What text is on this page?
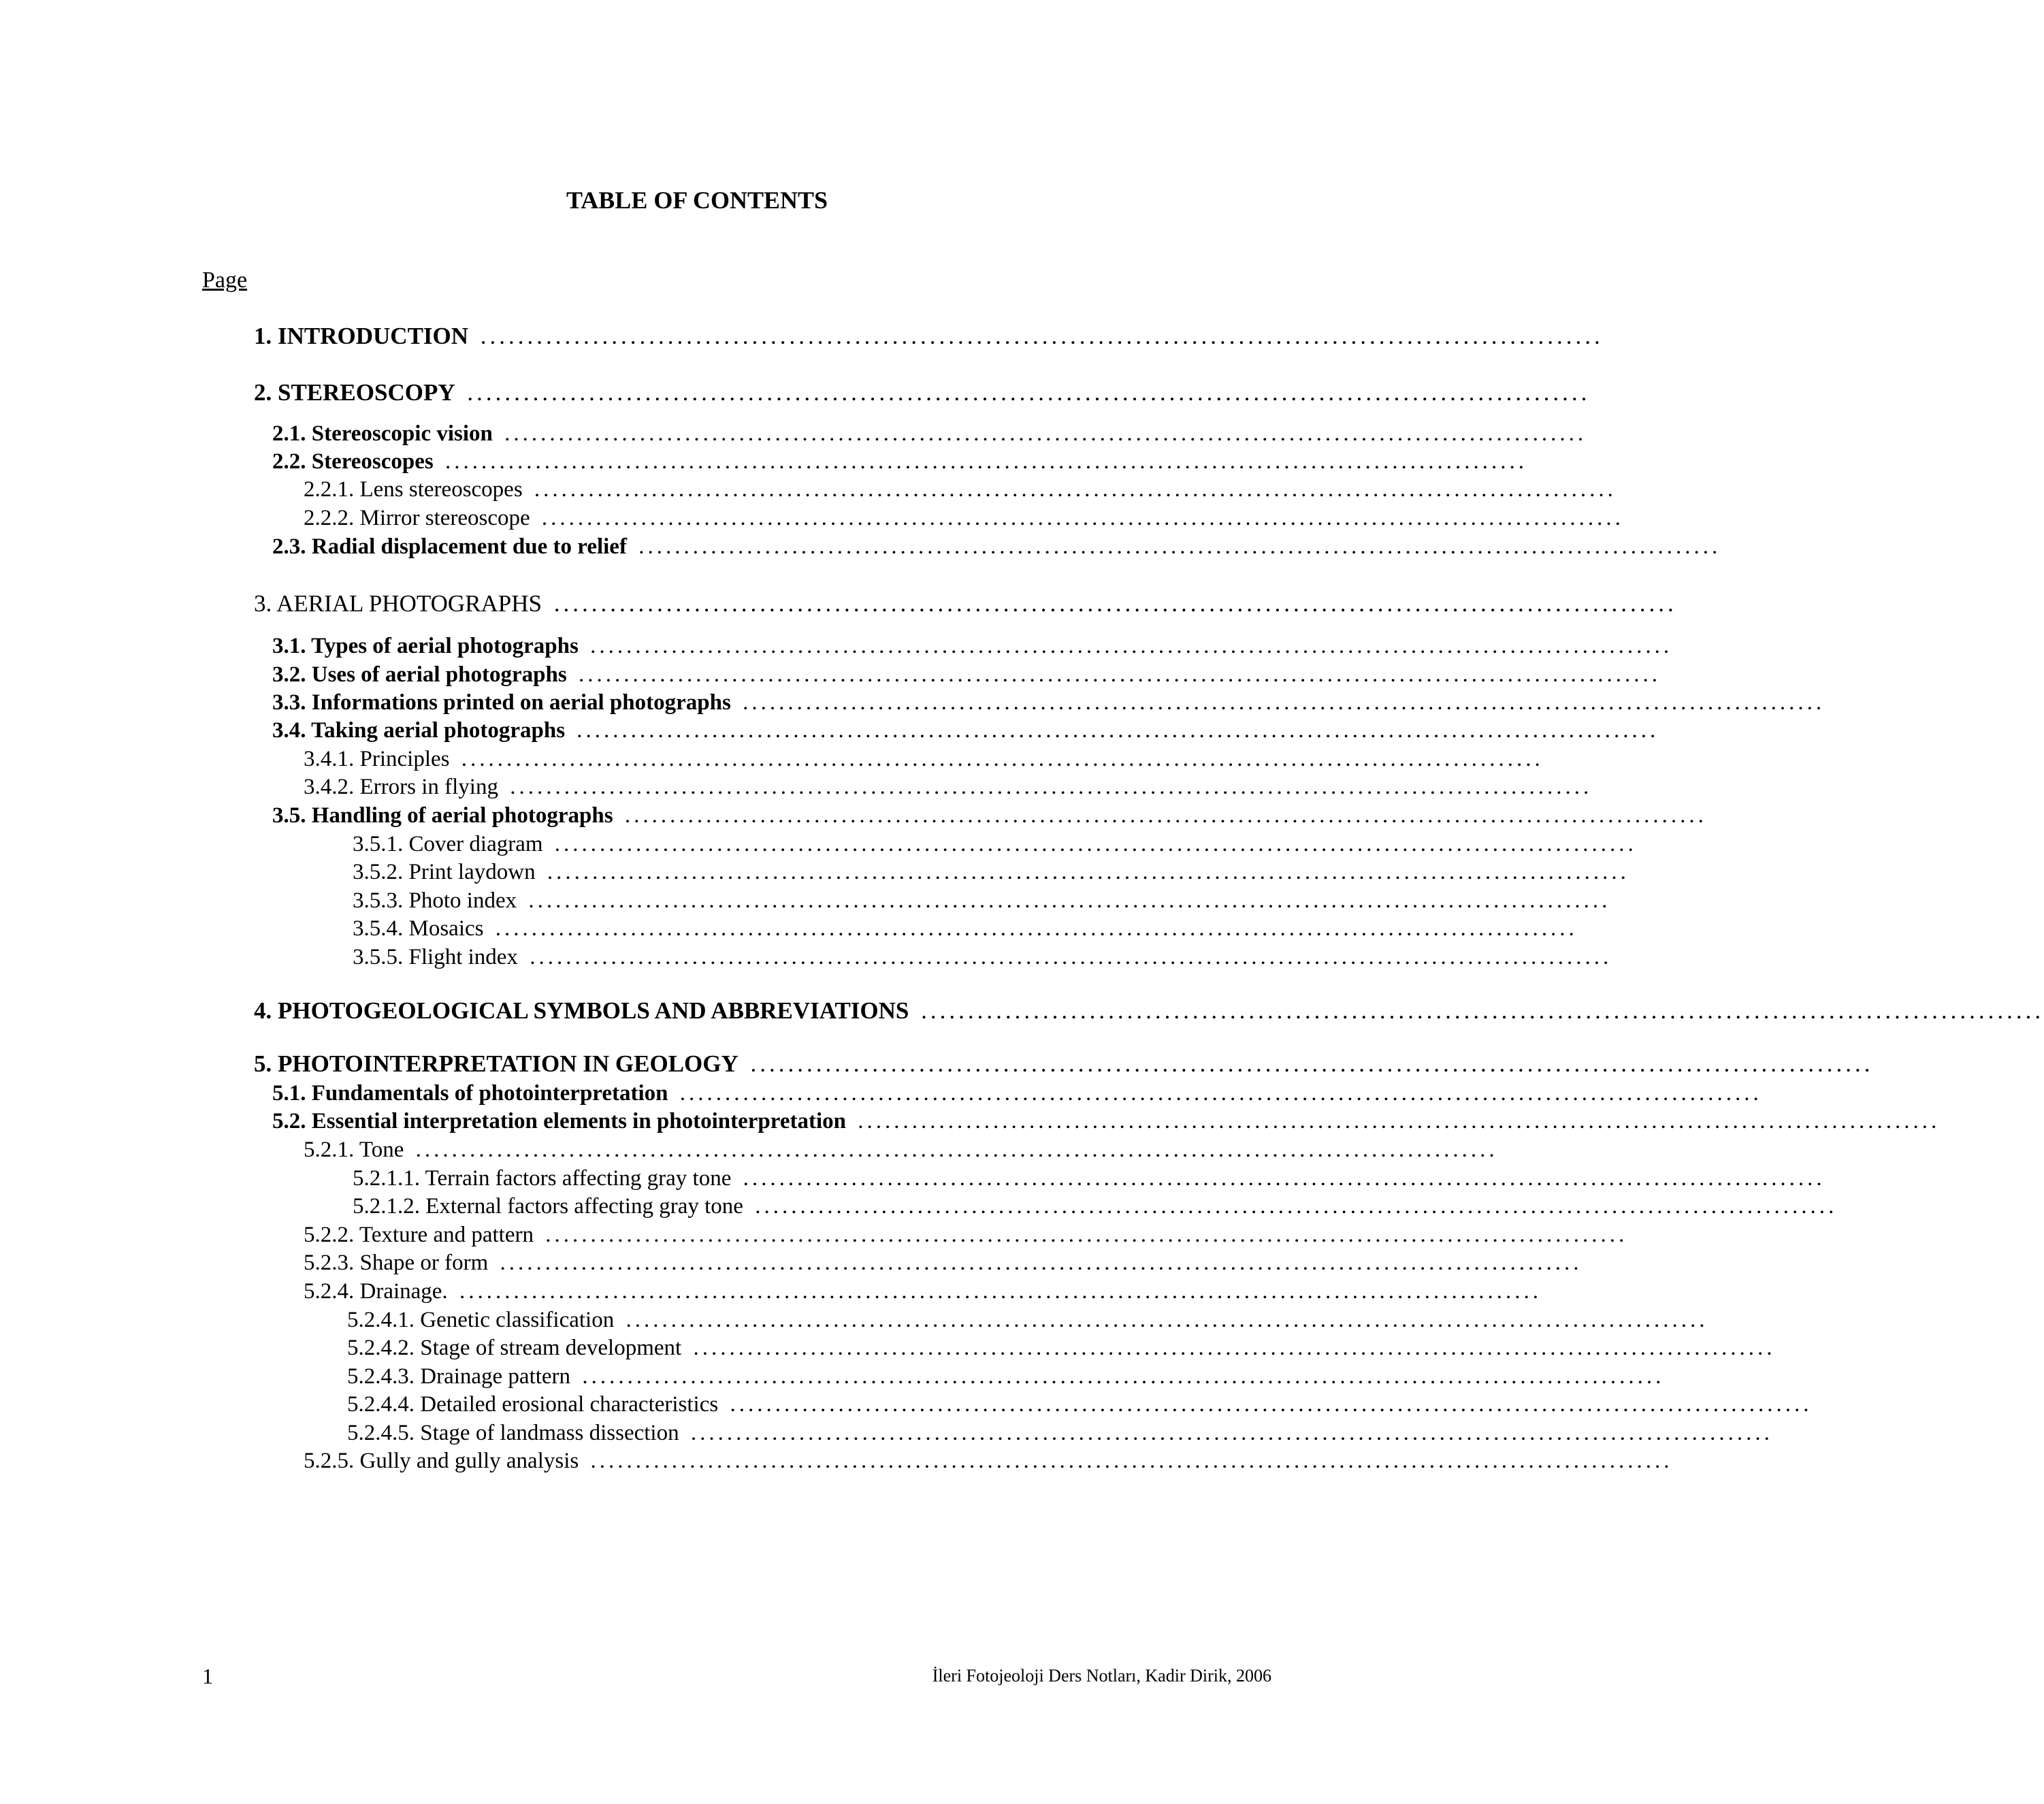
TABLE OF CONTENTS
Page
1. INTRODUCTION ........................................................................................................................
2. STEREOSCOPY ........................................................................................................................
2.1. Stereoscopic vision ........................................................................................................................
2.2. Stereoscopes ........................................................................................................................
2.2.1. Lens stereoscopes ........................................................................................................................
2.2.2. Mirror stereoscope ........................................................................................................................
2.3. Radial displacement due to relief ........................................................................................................................
3. AERIAL PHOTOGRAPHS ........................................................................................................................
3.1. Types of aerial photographs ........................................................................................................................
3.2. Uses of aerial photographs ........................................................................................................................
3.3. Informations printed on aerial photographs ........................................................................................................................
3.4. Taking aerial photographs ........................................................................................................................
3.4.1. Principles ........................................................................................................................
3.4.2. Errors in flying ........................................................................................................................
3.5. Handling of aerial photographs ........................................................................................................................
3.5.1. Cover diagram ........................................................................................................................
3.5.2. Print laydown ........................................................................................................................
3.5.3. Photo index ........................................................................................................................
3.5.4. Mosaics ........................................................................................................................
3.5.5. Flight index ........................................................................................................................
4. PHOTOGEOLOGICAL SYMBOLS AND ABBREVIATIONS ........................................................................................................................
5. PHOTOINTERPRETATION IN GEOLOGY ........................................................................................................................
5.1. Fundamentals of photointerpretation ........................................................................................................................
5.2. Essential interpretation elements in photointerpretation ........................................................................................................................
5.2.1. Tone ........................................................................................................................
5.2.1.1. Terrain factors affecting gray tone ........................................................................................................................
5.2.1.2. External factors affecting gray tone ........................................................................................................................
5.2.2. Texture and pattern ........................................................................................................................
5.2.3. Shape or form ........................................................................................................................
5.2.4. Drainage. ........................................................................................................................
5.2.4.1. Genetic classification ........................................................................................................................
5.2.4.2. Stage of stream development ........................................................................................................................
5.2.4.3. Drainage pattern ........................................................................................................................
5.2.4.4. Detailed erosional characteristics ........................................................................................................................
5.2.4.5. Stage of landmass dissection ........................................................................................................................
5.2.5. Gully and gully analysis ........................................................................................................................
1	İleri Fotojeoloji Ders Notları, Kadir Dirik, 2006
